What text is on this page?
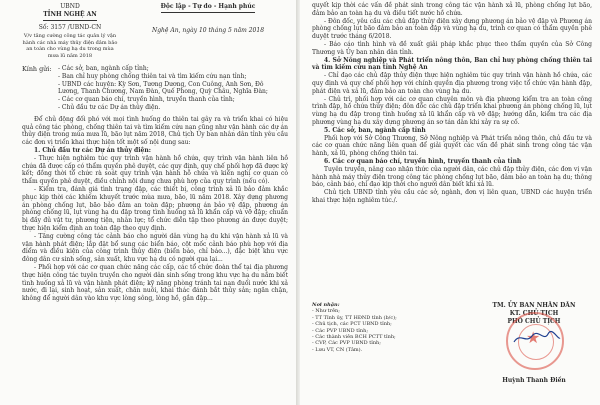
UBND
TỈNH NGHỆ AN
Số: 3157 /UBND-CN
V/v tăng cường công tác quản lý vận hành các nhà máy thủy điện đảm bảo an toàn cho vùng hạ du trong mùa mưa lũ năm 2018
Độc lập - Tự do - Hạnh phúc
Nghệ An, ngày 10 tháng 5 năm 2018
Kính gửi:	- Các sở, ban, ngành cấp tỉnh;
- Ban chỉ huy phòng chống thiên tai và tìm kiếm cứu nạn tỉnh;
- UBND các huyện: Kỳ Sơn, Tương Dương, Con Cuông, Anh Sơn, Đô Lương, Thanh Chương, Nam Đàn, Quế Phong, Quỳ Châu, Nghĩa Đàn;
- Các cơ quan báo chí, truyền hình, truyền thanh của tỉnh;
- Chủ đầu tư các Dự án thủy điện.

Để chủ động đối phó với mọi tình huống do thiên tai gây ra và triển khai có hiệu quả công tác phòng, chống thiên tai và tìm kiếm cứu nạn cũng như vận hành các dự án thủy điện trong mùa mưa lũ, bão lụt năm 2018, Chủ tịch Ủy ban nhân dân tỉnh yêu cầu các đơn vị triển khai thực hiện tốt một số nội dung sau:

1. Chủ đầu tư các Dự án thủy điện:

- Thực hiện nghiêm túc quy trình vận hành hồ chứa, quy trình vận hành liên hồ chứa đã được cấp có thẩm quyền phê duyệt, các quy định, quy chế phối hợp đã được ký kết; đồng thời tổ chức rà soát quy trình vận hành hồ chứa và kiến nghị cơ quan có thẩm quyền phê duyệt, điều chỉnh nội dung chưa phù hợp của quy trình (nếu có).

- Kiểm tra, đánh giá tình trạng đập, các thiết bị, công trình xả lũ bảo đảm khắc phục kịp thời các khiếm khuyết trước mùa mưa, bão, lũ năm 2018. Xây dựng phương án phòng chống lụt, bão bảo đảm an toàn đập; phương án bảo vệ đập, phương án phòng chống lũ, lụt vùng hạ du đập trong tình huống xả lũ khẩn cấp và vỡ đập; chuẩn bị đầy đủ vật tư, phương tiện, nhân lực; tổ chức diễn tập theo phương án được duyệt; thực hiện kiểm định an toàn đập theo quy định.

- Tăng cường công tác cảnh báo cho người dân vùng hạ du khi vận hành xả lũ và vận hành phát điện; lắp đặt bổ sung các biển báo, cột mốc cảnh báo phù hợp với địa điểm và điều kiện của công trình thủy điện (biển báo, chỉ báo...), đặc biệt khu vực đông dân cư sinh sống, sản xuất, khu vực hạ du có người qua lại...

- Phối hợp với các cơ quan chức năng các cấp, các tổ chức đoàn thể tại địa phương thực hiện công tác tuyên truyền cho người dân sinh sống trong khu vực hạ du nắm biết tình huống xả lũ và vận hành phát điện; kỹ năng phòng tránh tai nạn đuối nước khi xả nước, đi lại, sinh hoạt, sản xuất, chăn nuôi, khai thác đánh bắt thủy sản; ngăn chặn, không để người dân vào khu vực lòng sông, lòng hồ, gần đập...

quyết kịp thời các vấn đề phát sinh trong công tác vận hành xả lũ, phòng chống lụt bão, đảm bảo an toàn hạ du và điều tiết nước hồ chứa.

- Đôn đốc, yêu cầu các chủ đập thủy điện xây dựng phương án bảo vệ đập và Phương án phòng chống lụt bão đảm bảo an toàn đập và vùng hạ du, trình cơ quan có thẩm quyền phê duyệt trước tháng 6/2018.

- Báo cáo tình hình và đề xuất giải pháp khắc phục theo thẩm quyền của Sở Công Thương và Ủy ban nhân dân tỉnh.

4. Sở Nông nghiệp và Phát triển nông thôn, Ban chỉ huy phòng chống thiên tai và tìm kiếm cứu nạn tỉnh Nghệ An

- Chỉ đạo các chủ đập thủy điện thực hiện nghiêm túc quy trình vận hành hồ chứa, các quy định và quy chế phối hợp với chính quyền địa phương trong việc tổ chức vận hành đập, phát điện và xả lũ, đảm bảo an toàn cho vùng hạ du.

- Chủ trì, phối hợp với các cơ quan chuyên môn và địa phương kiểm tra an toàn công trình đập, hồ chứa thủy điện; đôn đốc các chủ đập triển khai phương án phòng chống lũ, lụt vùng hạ du đập trong tình huống xả lũ khẩn cấp và vỡ đập; hướng dẫn, kiểm tra các địa phương vùng hạ du xây dựng phương án sơ tán dân khi xảy ra sự cố.

5. Các sở, ban, ngành cấp tỉnh

Phối hợp với Sở Công Thương, Sở Nông nghiệp và Phát triển nông thôn, chủ đầu tư và các cơ quan chức năng liên quan để giải quyết các vấn đề phát sinh trong công tác vận hành, xả lũ, phòng chống thiên tai.

6. Các cơ quan báo chí, truyền hình, truyền thanh của tỉnh

Tuyên truyền, nâng cao nhận thức của người dân, các chủ đập thủy điện, các đơn vị vận hành nhà máy thủy điện trong công tác phòng chống lụt bão, đảm bảo an toàn hạ du; thông báo, cảnh báo, chỉ đạo kịp thời cho người dân biết khi xả lũ.

Chủ tịch UBND tỉnh yêu cầu các sở, ngành, đơn vị liên quan, UBND các huyện triển khai thực hiện nghiêm túc./.

Nơi nhận:
- Như trên;
- TT Tỉnh ủy, TT HĐND tỉnh (b/c);
- Chủ tịch, các PCT UBND tỉnh;
- Các PVP UBND tỉnh;
- Các thành viên BCH PCTT tỉnh;
- CVP, Các PVP UBND tỉnh;
- Lưu VT, CN (Tâm).
TM. ỦY BAN NHÂN DÂN
KT. CHỦ TỊCH
PHÓ CHỦ TỊCH
★
Huỳnh Thanh Điền
